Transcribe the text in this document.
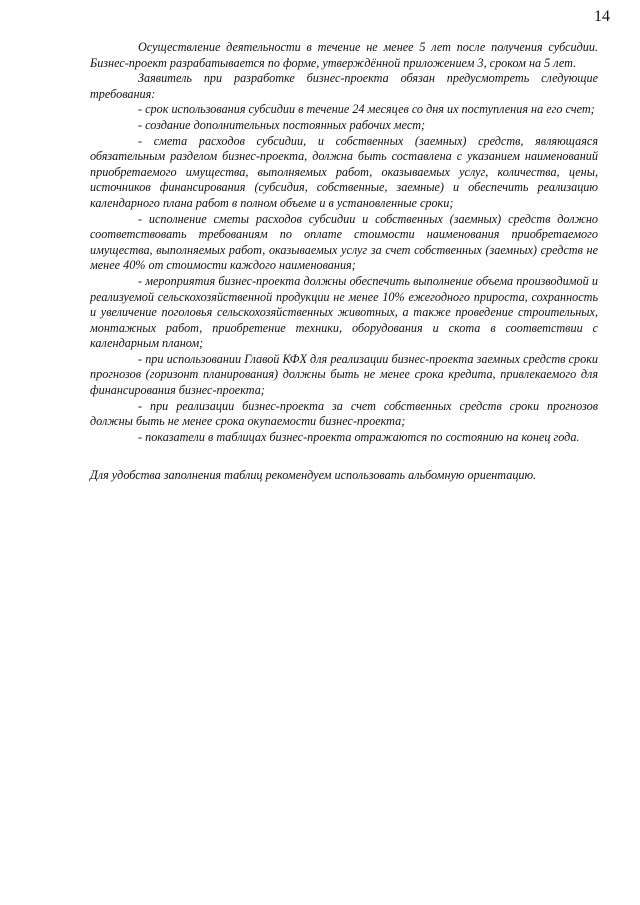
14

Осуществление деятельности в течение не менее 5 лет после получения субсидии. Бизнес-проект разрабатывается по форме, утверждённой приложением 3, сроком на 5 лет.

Заявитель при разработке бизнес-проекта обязан предусмотреть следующие требования:

- срок использования субсидии в течение 24 месяцев со дня их поступления на его счет;

- создание дополнительных постоянных рабочих мест;

- смета расходов субсидии, и собственных (заемных) средств, являющаяся обязательным разделом бизнес-проекта, должна быть составлена с указанием наименований приобретаемого имущества, выполняемых работ, оказываемых услуг, количества, цены, источников финансирования (субсидия, собственные, заемные) и обеспечить реализацию календарного плана работ в полном объеме и в установленные сроки;

- исполнение сметы расходов субсидии и собственных (заемных) средств должно соответствовать требованиям по оплате стоимости наименования приобретаемого имущества, выполняемых работ, оказываемых услуг за счет собственных (заемных) средств не менее 40% от стоимости каждого наименования;

- мероприятия бизнес-проекта должны обеспечить выполнение объема производимой и реализуемой сельскохозяйственной продукции не менее 10% ежегодного прироста, сохранность и увеличение поголовья сельскохозяйственных животных, а также проведение строительных, монтажных работ, приобретение техники, оборудования и скота в соответствии с календарным планом;

- при использовании Главой КФХ для реализации бизнес-проекта заемных средств сроки прогнозов (горизонт планирования) должны быть не менее срока кредита, привлекаемого для финансирования бизнес-проекта;

- при реализации бизнес-проекта за счет собственных средств сроки прогнозов должны быть не менее срока окупаемости бизнес-проекта;

- показатели в таблицах бизнес-проекта отражаются по состоянию на конец года.

Для удобства заполнения таблиц рекомендуем использовать альбомную ориентацию.
